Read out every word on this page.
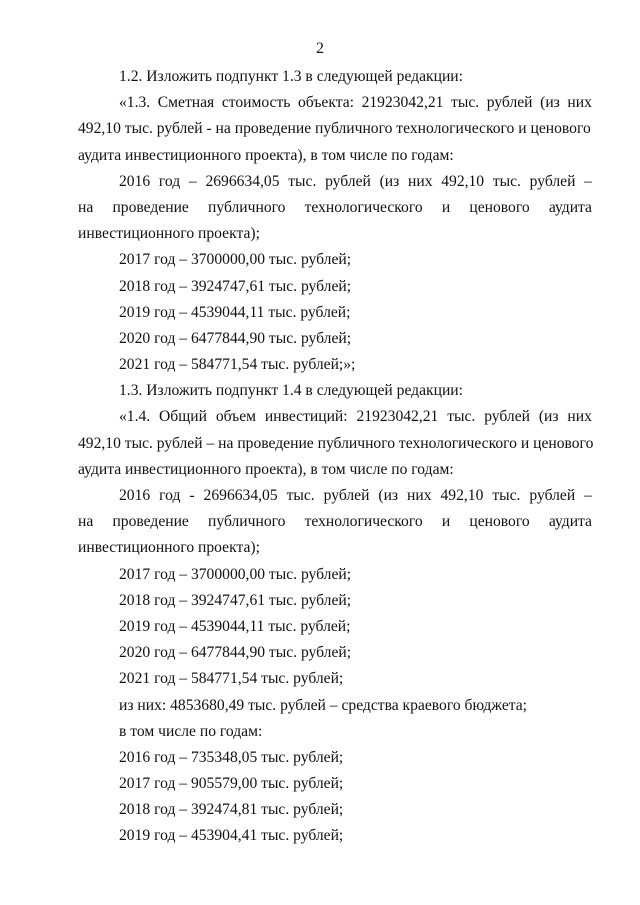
2
1.2. Изложить подпункт 1.3 в следующей редакции:
«1.3. Сметная стоимость объекта: 21923042,21 тыс. рублей (из них
492,10 тыс. рублей - на проведение публичного технологического и ценового
аудита инвестиционного проекта), в том числе по годам:
2016 год – 2696634,05 тыс. рублей (из них 492,10 тыс. рублей –
на проведение публичного технологического и ценового аудита
инвестиционного проекта);
2017 год – 3700000,00 тыс. рублей;
2018 год – 3924747,61 тыс. рублей;
2019 год – 4539044,11 тыс. рублей;
2020 год – 6477844,90 тыс. рублей;
2021 год – 584771,54 тыс. рублей;»;
1.3. Изложить подпункт 1.4 в следующей редакции:
«1.4. Общий объем инвестиций: 21923042,21 тыс. рублей (из них
492,10 тыс. рублей – на проведение публичного технологического и ценового
аудита инвестиционного проекта), в том числе по годам:
2016 год - 2696634,05 тыс. рублей (из них 492,10 тыс. рублей –
на проведение публичного технологического и ценового аудита
инвестиционного проекта);
2017 год – 3700000,00 тыс. рублей;
2018 год – 3924747,61 тыс. рублей;
2019 год – 4539044,11 тыс. рублей;
2020 год – 6477844,90 тыс. рублей;
2021 год – 584771,54 тыс. рублей;
из них: 4853680,49 тыс. рублей – средства краевого бюджета;
в том числе по годам:
2016 год – 735348,05 тыс. рублей;
2017 год – 905579,00 тыс. рублей;
2018 год – 392474,81 тыс. рублей;
2019 год – 453904,41 тыс. рублей;
